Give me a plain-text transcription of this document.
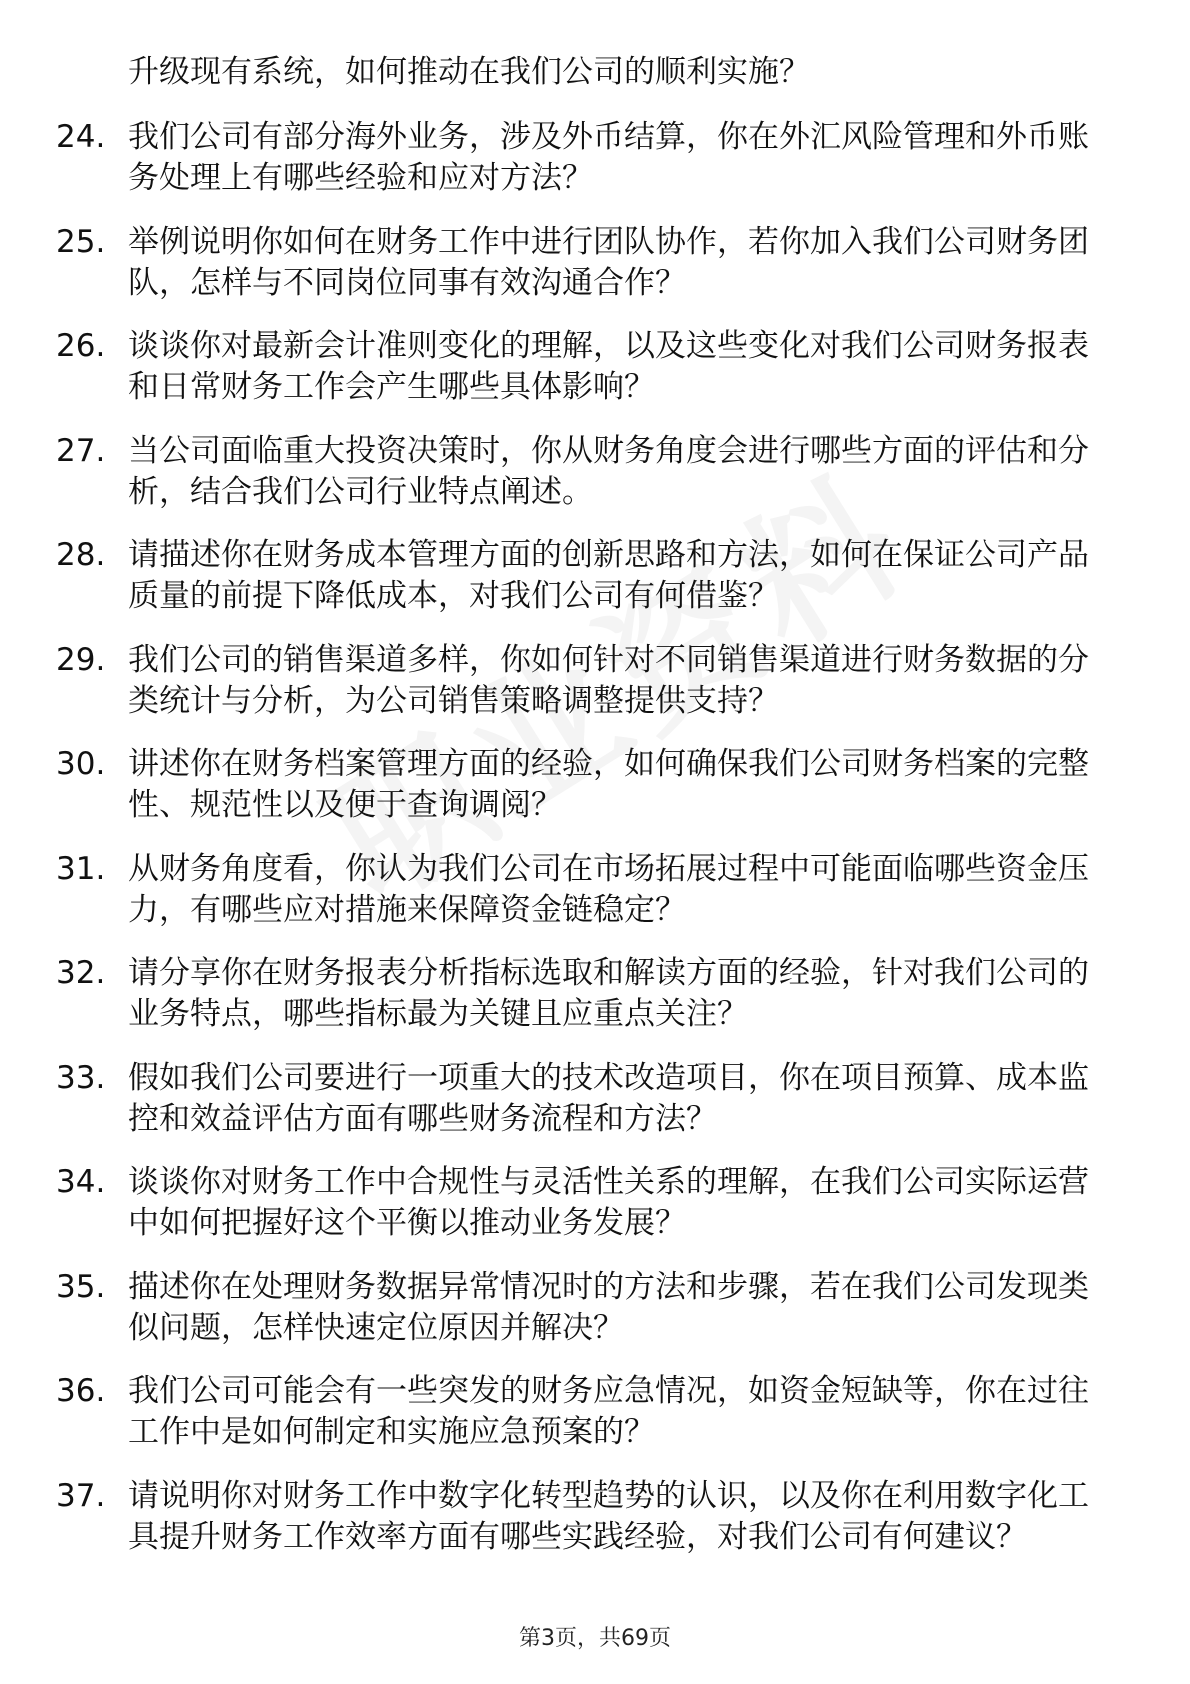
升级现有系统，如何推动在我们公司的顺利实施？
24. 我们公司有部分海外业务，涉及外币结算，你在外汇风险管理和外币账务处理上有哪些经验和应对方法？
25. 举例说明你如何在财务工作中进行团队协作，若你加入我们公司财务团队，怎样与不同岗位同事有效沟通合作？
26. 谈谈你对最新会计准则变化的理解，以及这些变化对我们公司财务报表和日常财务工作会产生哪些具体影响？
27. 当公司面临重大投资决策时，你从财务角度会进行哪些方面的评估和分析，结合我们公司行业特点阐述。
28. 请描述你在财务成本管理方面的创新思路和方法，如何在保证公司产品质量的前提下降低成本，对我们公司有何借鉴？
29. 我们公司的销售渠道多样，你如何针对不同销售渠道进行财务数据的分类统计与分析，为公司销售策略调整提供支持？
30. 讲述你在财务档案管理方面的经验，如何确保我们公司财务档案的完整性、规范性以及便于查询调阅？
31. 从财务角度看，你认为我们公司在市场拓展过程中可能面临哪些资金压力，有哪些应对措施来保障资金链稳定？
32. 请分享你在财务报表分析指标选取和解读方面的经验，针对我们公司的业务特点，哪些指标最为关键且应重点关注？
33. 假如我们公司要进行一项重大的技术改造项目，你在项目预算、成本监控和效益评估方面有哪些财务流程和方法？
34. 谈谈你对财务工作中合规性与灵活性关系的理解，在我们公司实际运营中如何把握好这个平衡以推动业务发展？
35. 描述你在处理财务数据异常情况时的方法和步骤，若在我们公司发现类似问题，怎样快速定位原因并解决？
36. 我们公司可能会有一些突发的财务应急情况，如资金短缺等，你在过往工作中是如何制定和实施应急预案的？
37. 请说明你对财务工作中数字化转型趋势的认识，以及你在利用数字化工具提升财务工作效率方面有哪些实践经验，对我们公司有何建议？
第3页，共69页
